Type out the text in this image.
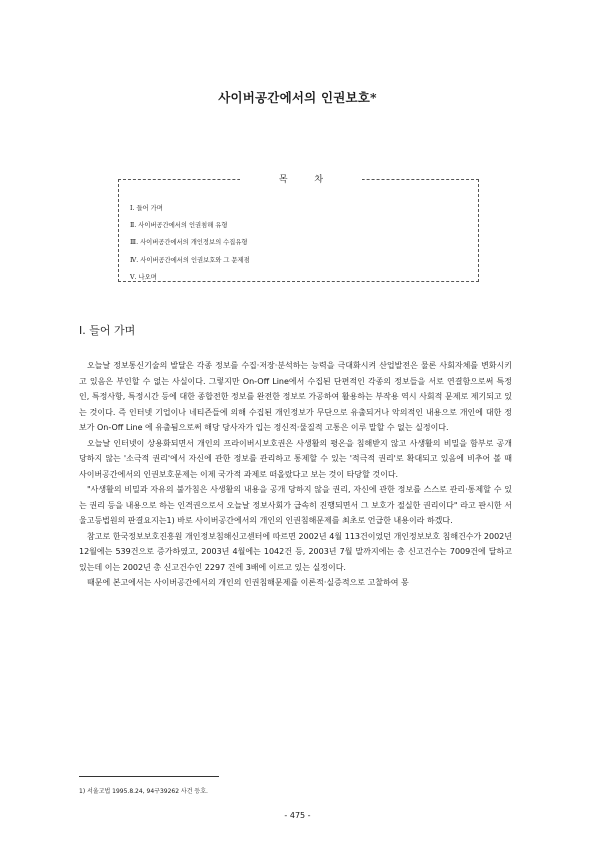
사이버공간에서의 인권보호*
목 차
Ⅰ. 들어 가며
Ⅱ. 사이버공간에서의 인권침해 유형
Ⅲ. 사이버공간에서의 개인정보의 수집유형
Ⅳ. 사이버공간에서의 인권보호와 그 문제점
Ⅴ. 나오며
Ⅰ. 들어 가며

오늘날 정보통신기술의 발달은 각종 정보를 수집·저장·분석하는 능력을 극대화시켜 산업발전은 물론 사회자체를 변화시키고 있음은 부인할 수 없는 사실이다. 그렇지만 On-Off Line에서 수집된 단편적인 각종의 정보들을 서로 연결함으로써 특정인, 특정사항, 특정시간 등에 대한 종합전한 정보를 완전한 정보로 가공하여 활용하는 부작용 역시 사회적 문제로 제기되고 있는 것이다. 즉 인터넷 기업이나 네티즌들에 의해 수집된 개인정보가 무단으로 유출되거나 악의적인 내용으로 개인에 대한 정보가 On-Off Line 에 유출됨으로써 해당 당사자가 입는 정신적·물질적 고통은 이루 말할 수 없는 실정이다.

오늘날 인터넷이 상용화되면서 개인의 프라이버시보호권은 사생활의 평온을 침해받지 않고 사생활의 비밀을 함부로 공개 당하지 않는 '소극적 권리'에서 자신에 관한 정보를 관리하고 통제할 수 있는 '적극적 권리'로 확대되고 있음에 비추어 볼 때 사이버공간에서의 인권보호문제는 이제 국가적 과제로 떠올랐다고 보는 것이 타당할 것이다.

"사생활의 비밀과 자유의 불가침은 사생활의 내용을 공개 당하지 않을 권리, 자신에 관한 정보를 스스로 관리·통제할 수 있는 권리 등을 내용으로 하는 인격권으로서 오늘날 정보사회가 급속히 진행되면서 그 보호가 절실한 권리이다" 라고 판시한 서울고등법원의 판결요지는1) 바로 사이버공간에서의 개인의 인권침해문제를 최초로 언급한 내용이라 하겠다.

참고로 한국정보보호진흥원 개인정보침해신고센터에 따르면 2002년 4월 113건이었던 개인정보보호 침해건수가 2002년 12월에는 539건으로 증가하였고, 2003년 4월에는 1042건 등, 2003년 7월 말까지에는 총 신고건수는 7009건에 달하고 있는데 이는 2002년 총 신고건수인 2297 건에 3배에 이르고 있는 실정이다.

때문에 본고에서는 사이버공간에서의 개인의 인권침해문제를 이론적·실증적으로 고찰하여 몽

1) 서울고법 1995.8.24, 94구39262 사건 등호.
- 475 -
